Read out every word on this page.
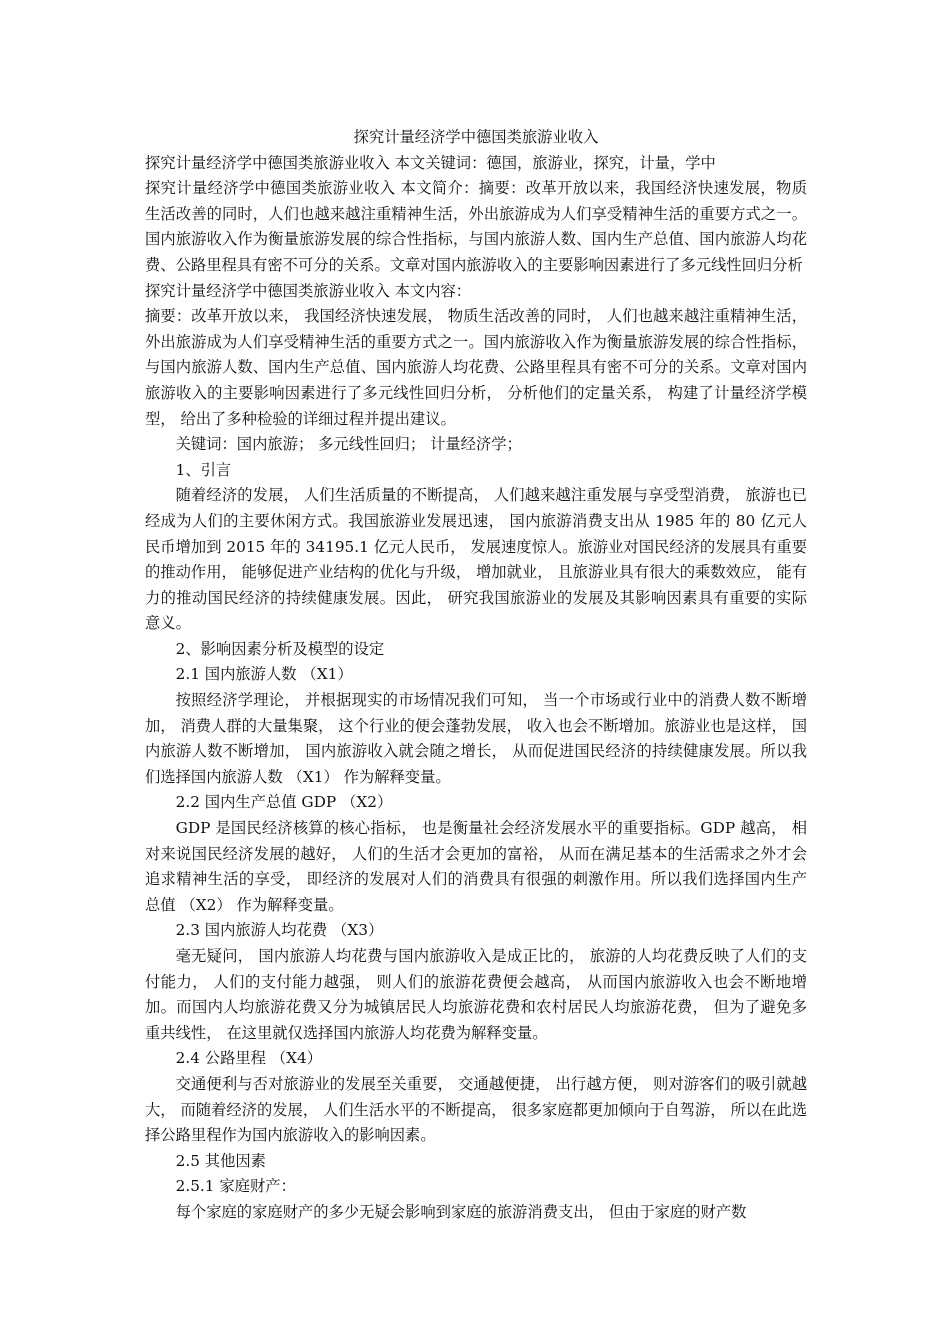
探究计量经济学中德国类旅游业收入

探究计量经济学中德国类旅游业收入 本文关键词：德国，旅游业，探究，计量，学中

探究计量经济学中德国类旅游业收入 本文简介：摘要：改革开放以来，我国经济快速发展，物质生活改善的同时，人们也越来越注重精神生活，外出旅游成为人们享受精神生活的重要方式之一。国内旅游收入作为衡量旅游发展的综合性指标，与国内旅游人数、国内生产总值、国内旅游人均花费、公路里程具有密不可分的关系。文章对国内旅游收入的主要影响因素进行了多元线性回归分析

探究计量经济学中德国类旅游业收入 本文内容：

摘要：改革开放以来， 我国经济快速发展， 物质生活改善的同时， 人们也越来越注重精神生活， 外出旅游成为人们享受精神生活的重要方式之一。国内旅游收入作为衡量旅游发展的综合性指标， 与国内旅游人数、国内生产总值、国内旅游人均花费、公路里程具有密不可分的关系。文章对国内旅游收入的主要影响因素进行了多元线性回归分析， 分析他们的定量关系， 构建了计量经济学模型， 给出了多种检验的详细过程并提出建议。

关键词：国内旅游； 多元线性回归； 计量经济学；

1、引言

随着经济的发展， 人们生活质量的不断提高， 人们越来越注重发展与享受型消费， 旅游也已经成为人们的主要休闲方式。我国旅游业发展迅速， 国内旅游消费支出从 1985 年的 80 亿元人民币增加到 2015 年的 34195.1 亿元人民币， 发展速度惊人。旅游业对国民经济的发展具有重要的推动作用， 能够促进产业结构的优化与升级， 增加就业， 且旅游业具有很大的乘数效应， 能有力的推动国民经济的持续健康发展。因此， 研究我国旅游业的发展及其影响因素具有重要的实际意义。

2、影响因素分析及模型的设定

2.1 国内旅游人数 （X1）

按照经济学理论， 并根据现实的市场情况我们可知， 当一个市场或行业中的消费人数不断增加， 消费人群的大量集聚， 这个行业的便会蓬勃发展， 收入也会不断增加。旅游业也是这样， 国内旅游人数不断增加， 国内旅游收入就会随之增长， 从而促进国民经济的持续健康发展。所以我们选择国内旅游人数 （X1） 作为解释变量。

2.2 国内生产总值 GDP （X2）

GDP 是国民经济核算的核心指标， 也是衡量社会经济发展水平的重要指标。GDP 越高， 相对来说国民经济发展的越好， 人们的生活才会更加的富裕， 从而在满足基本的生活需求之外才会追求精神生活的享受， 即经济的发展对人们的消费具有很强的刺激作用。所以我们选择国内生产总值 （X2） 作为解释变量。

2.3 国内旅游人均花费 （X3）

毫无疑问， 国内旅游人均花费与国内旅游收入是成正比的， 旅游的人均花费反映了人们的支付能力， 人们的支付能力越强， 则人们的旅游花费便会越高， 从而国内旅游收入也会不断地增加。而国内人均旅游花费又分为城镇居民人均旅游花费和农村居民人均旅游花费， 但为了避免多重共线性， 在这里就仅选择国内旅游人均花费为解释变量。

2.4 公路里程 （X4）

交通便利与否对旅游业的发展至关重要， 交通越便捷， 出行越方便， 则对游客们的吸引就越大， 而随着经济的发展， 人们生活水平的不断提高， 很多家庭都更加倾向于自驾游， 所以在此选择公路里程作为国内旅游收入的影响因素。

2.5 其他因素

2.5.1 家庭财产：

每个家庭的家庭财产的多少无疑会影响到家庭的旅游消费支出， 但由于家庭的财产数
